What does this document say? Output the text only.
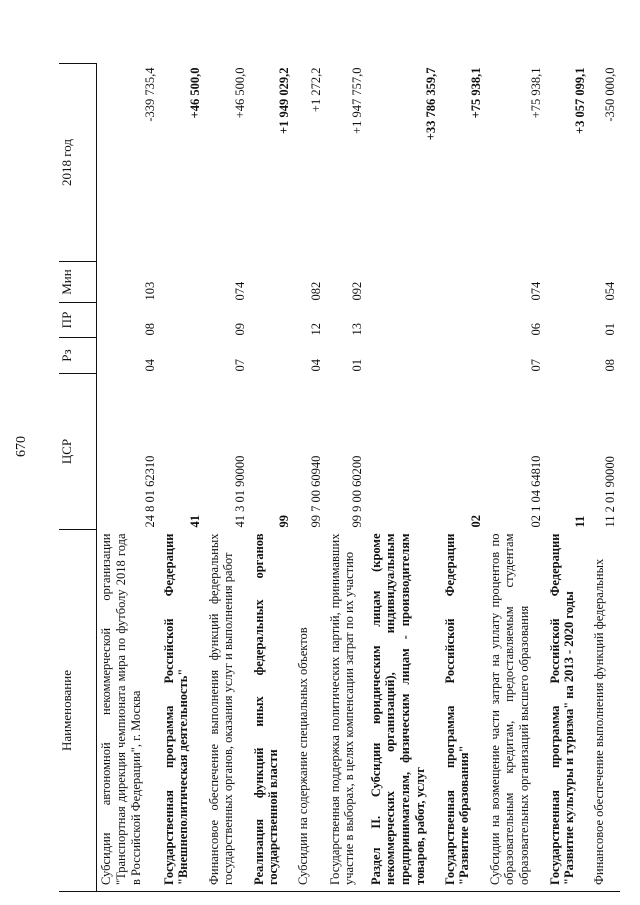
670
Наименование	ЦСР	Рз	ПР	Мин	2018 год
Субсидии автономной некоммерческой организации "Транспортная дирекция чемпионата мира по футболу 2018 года в Российской Федерации", г. Москва	24 8 01 62310	04	08	103	-339 735,4
Государственная программа Российской Федерации "Внешнеполитическая деятельность"	41				+46 500,0
Финансовое обеспечение выполнения функций федеральных государственных органов, оказания услуг и выполнения работ	41 3 01 90000	07	09	074	+46 500,0
Реализация функций иных федеральных органов государственной власти	99				+1 949 029,2
Субсидии на содержание специальных объектов	99 7 00 60940	04	12	082	+1 272,2
Государственная поддержка политических партий, принимавших участие в выборах, в целях компенсации затрат по их участию	99 9 00 60200	01	13	092	+1 947 757,0
Раздел II. Субсидии юридическим лицам (кроме некоммерческих организаций), индивидуальным предпринимателям, физическим лицам - производителям товаров, работ, услуг					+33 786 359,7
Государственная программа Российской Федерации "Развитие образования"	02				+75 938,1
Субсидии на возмещение части затрат на уплату процентов по образовательным кредитам, предоставляемым студентам образовательных организаций высшего образования	02 1 04 64810	07	06	074	+75 938,1
Государственная программа Российской Федерации "Развитие культуры и туризма" на 2013 - 2020 годы	11				+3 057 099,1
Финансовое обеспечение выполнения функций федеральных	11 2 01 90000	08	01	054	-350 000,0
